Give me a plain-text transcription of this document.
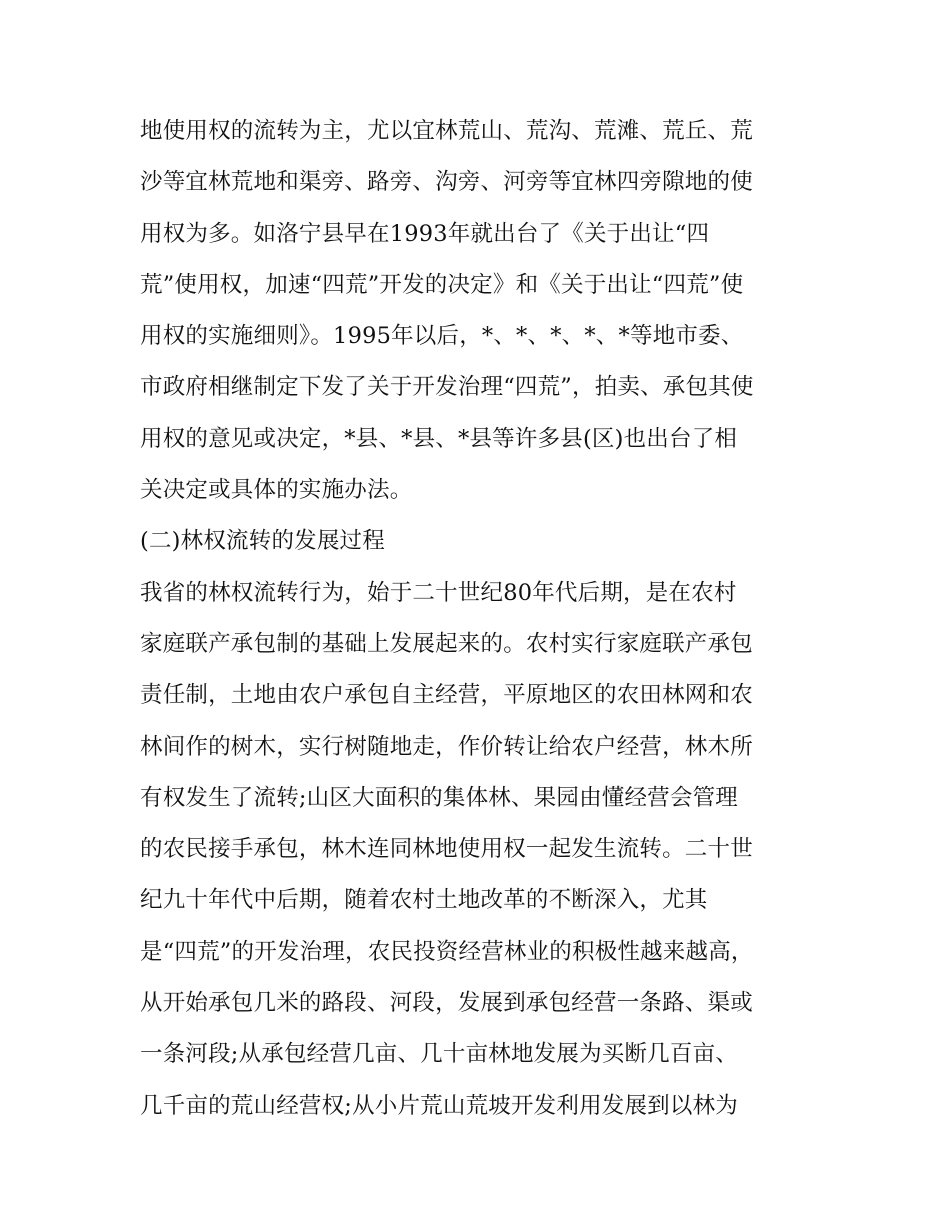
地使用权的流转为主，尤以宜林荒山、荒沟、荒滩、荒丘、荒
沙等宜林荒地和渠旁、路旁、沟旁、河旁等宜林四旁隙地的使
用权为多。如洛宁县早在1993年就出台了《关于出让“四
荒”使用权，加速“四荒”开发的决定》和《关于出让“四荒”使
用权的实施细则》。1995年以后，*、*、*、*、*等地市委、
市政府相继制定下发了关于开发治理“四荒”，拍卖、承包其使
用权的意见或决定，*县、*县、*县等许多县(区)也出台了相
关决定或具体的实施办法。
(二)林权流转的发展过程
我省的林权流转行为，始于二十世纪80年代后期，是在农村
家庭联产承包制的基础上发展起来的。农村实行家庭联产承包
责任制，土地由农户承包自主经营，平原地区的农田林网和农
林间作的树木，实行树随地走，作价转让给农户经营，林木所
有权发生了流转;山区大面积的集体林、果园由懂经营会管理
的农民接手承包，林木连同林地使用权一起发生流转。二十世
纪九十年代中后期，随着农村土地改革的不断深入，尤其
是“四荒”的开发治理，农民投资经营林业的积极性越来越高，
从开始承包几米的路段、河段，发展到承包经营一条路、渠或
一条河段;从承包经营几亩、几十亩林地发展为买断几百亩、
几千亩的荒山经营权;从小片荒山荒坡开发利用发展到以林为
